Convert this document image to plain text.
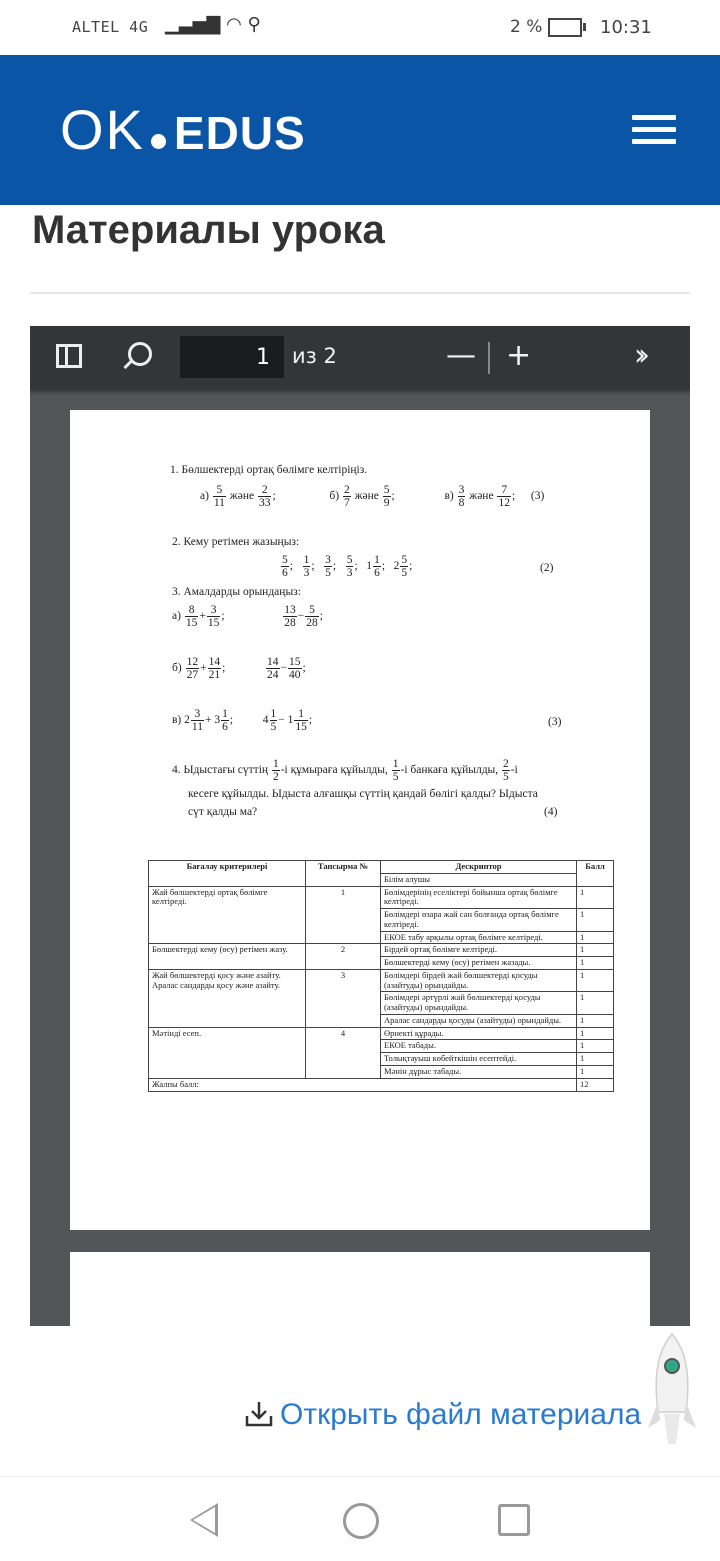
ALTEL 4G ▁▃▅▇ ◠ ⚲	2 %	10:31
OK EDUS
Материалы урока
1
из 2	— +	››
1. Бөлшектерді ортақ бөлімге келтіріңіз.
$а) \frac{5}{11}$ және $\frac{2}{33}$ ;	$б) \frac{2}{7}$ және $\frac{5}{9}$ ;	$в) \frac{3}{8}$ және $\frac{7}{12}$ ;  (3)
2. Кему ретімен жазыңыз:
$\frac{5}{6}$ ; $\frac{1}{3}$ ; $\frac{3}{5}$ ; $\frac{5}{3}$ ;   $1 \frac{1}{6}$ ;   $2 \frac{5}{5}$ ;	(2)
3. Амалдарды орындаңыз:
$а) \frac{8}{15} + \frac{3}{15}$ ;	$\frac{13}{28} - \frac{5}{28}$ ;
$б) \frac{12}{27} + \frac{14}{21}$ ;	$\frac{14}{24} - \frac{15}{40}$ ;
в) $2 \frac{3}{11} + 3 \frac{1}{6}$ ;  $4 \frac{1}{5} - 1 \frac{1}{15}$ ;	(3)
4. Ыдыстағы сүттің $\frac{1}{2} -і$ құмыраға құйылды, $\frac{1}{5} -і$ банкаға құйылды, $\frac{2}{5} -і$
кесеге құйылды. Ыдыста алғашқы сүттің қандай бөлігі қалды? Ыдыста
сүт қалды ма?	(4)
Бағалау критерилері	Тапсырма №	Дескриптор	Балл
		Білім алушы	
Жай бөлшектерді ортақ бөлімге келтіреді.	1	Бөлімдерінің еселіктері бойынша ортақ бөлімге келтіреді.	1
		Бөлімдері өзара жай сан болғанда ортақ бөлімге келтіреді.	1
		ЕКОЕ табу арқылы ортақ бөлімге келтіреді.	1
Бөлшектерді кему (өсу) ретімен жазу.	2	Бірдей ортақ бөлімге келтіреді.	1
		Бөлшектерді кему (өсу) ретімен жазады.	1
Жай бөлшектерді қосу және азайту. Аралас сандарды қосу және азайту.	3	Бөлімдері бірдей жай бөлшектерді қосуды (азайтуды) орындайды.	1
		Бөлімдері әртүрлі жай бөлшектерді қосуды (азайтуды) орындайды.	1
		Аралас сандарды қосуды (азайтуды) орындайды.	1
Мәтінді есеп.	4	Өрнекті құрады.	1
		ЕКОЕ табады.	1
		Толықтауыш көбейткішін есептейді.	1
		Мәнін дұрыс табады.	1
Жалпы балл:			12
Открыть файл материала
